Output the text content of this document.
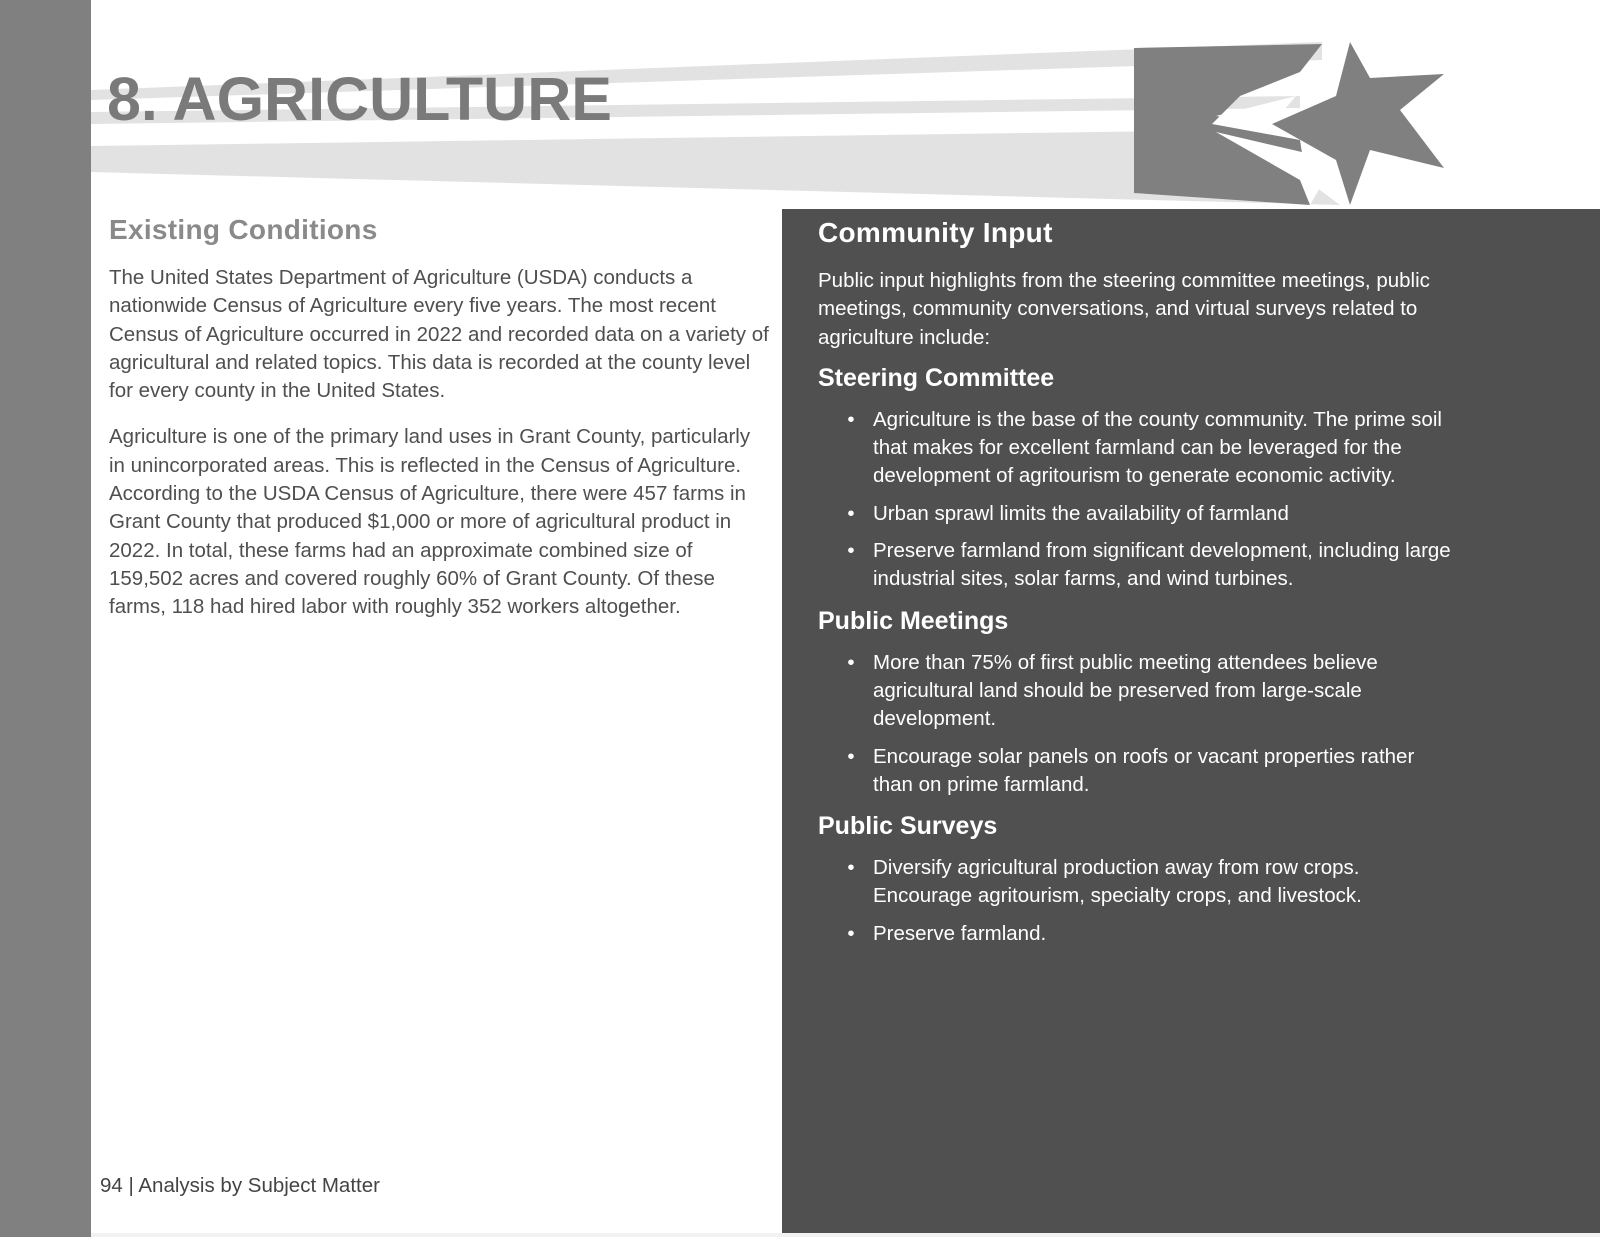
8. AGRICULTURE
Existing Conditions

The United States Department of Agriculture (USDA) conducts a nationwide Census of Agriculture every five years. The most recent Census of Agriculture occurred in 2022 and recorded data on a variety of agricultural and related topics. This data is recorded at the county level for every county in the United States.

Agriculture is one of the primary land uses in Grant County, particularly in unincorporated areas. This is reflected in the Census of Agriculture. According to the USDA Census of Agriculture, there were 457 farms in Grant County that produced $1,000 or more of agricultural product in 2022. In total, these farms had an approximate combined size of 159,502 acres and covered roughly 60% of Grant County. Of these farms, 118 had hired labor with roughly 352 workers altogether.

Community Input

Public input highlights from the steering committee meetings, public meetings, community conversations, and virtual surveys related to agriculture include:

Steering Committee
• Agriculture is the base of the county community. The prime soil that makes for excellent farmland can be leveraged for the development of agritourism to generate economic activity.
• Urban sprawl limits the availability of farmland
• Preserve farmland from significant development, including large industrial sites, solar farms, and wind turbines.
Public Meetings
• More than 75% of first public meeting attendees believe agricultural land should be preserved from large-scale development.
• Encourage solar panels on roofs or vacant properties rather than on prime farmland.
Public Surveys
• Diversify agricultural production away from row crops. Encourage agritourism, specialty crops, and livestock.
• Preserve farmland.

94 | Analysis by Subject Matter
